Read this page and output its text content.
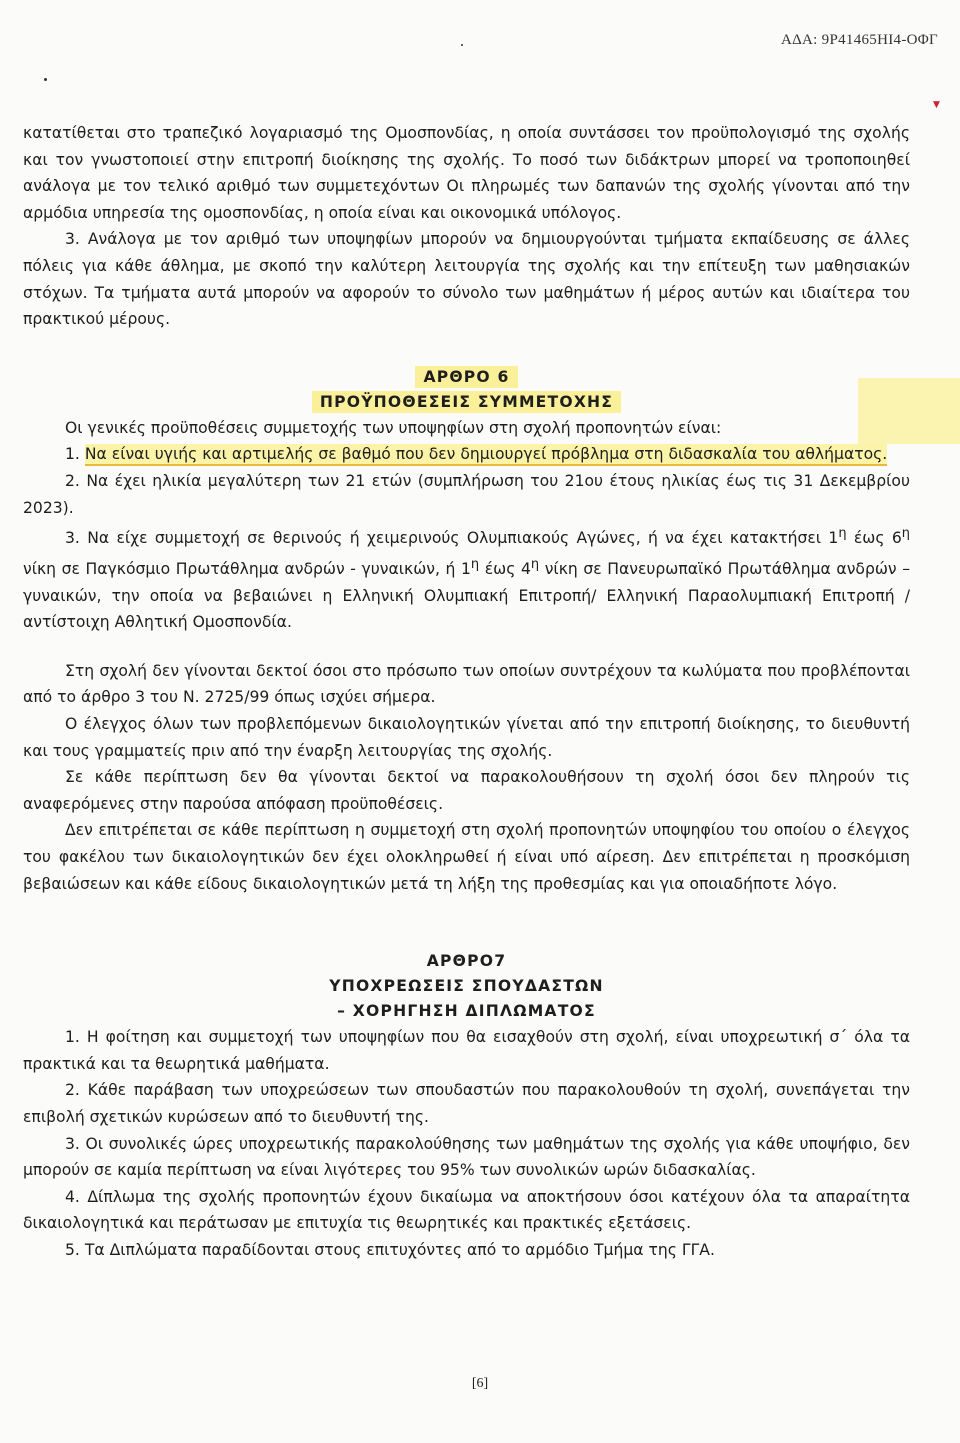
ΑΔΑ: 9Ρ41465ΗΙ4-ΟΦΓ
▼

κατατίθεται στο τραπεζικό λογαριασμό της Ομοσπονδίας, η οποία συντάσσει τον προϋπολογισμό της σχολής και τον γνωστοποιεί στην επιτροπή διοίκησης της σχολής. Το ποσό των διδάκτρων μπορεί να τροποποιηθεί ανάλογα με τον τελικό αριθμό των συμμετεχόντων Οι πληρωμές των δαπανών της σχολής γίνονται από την αρμόδια υπηρεσία της ομοσπονδίας, η οποία είναι και οικονομικά υπόλογος.

3. Ανάλογα με τον αριθμό των υποψηφίων μπορούν να δημιουργούνται τμήματα εκπαίδευσης σε άλλες πόλεις για κάθε άθλημα, με σκοπό την καλύτερη λειτουργία της σχολής και την επίτευξη των μαθησιακών στόχων. Τα τμήματα αυτά μπορούν να αφορούν το σύνολο των μαθημάτων ή μέρος αυτών και ιδιαίτερα του πρακτικού μέρους.

ΑΡΘΡΟ 6

ΠΡΟΫΠΟΘΕΣΕΙΣ ΣΥΜΜΕΤΟΧΗΣ

Οι γενικές προϋποθέσεις συμμετοχής των υποψηφίων στη σχολή προπονητών είναι:

1. Να είναι υγιής και αρτιμελής σε βαθμό που δεν δημιουργεί πρόβλημα στη διδασκαλία του αθλήματος.

2. Να έχει ηλικία μεγαλύτερη των 21 ετών (συμπλήρωση του 21ου έτους ηλικίας έως τις 31 Δεκεμβρίου 2023).

3. Να είχε συμμετοχή σε θερινούς ή χειμερινούς Ολυμπιακούς Αγώνες, ή να έχει κατακτήσει $1^\eta$ έως $6^\eta$ νίκη σε Παγκόσμιο Πρωτάθλημα ανδρών - γυναικών, ή $1^\eta$ έως $4^\eta$ νίκη σε Πανευρωπαϊκό Πρωτάθλημα ανδρών – γυναικών, την οποία να βεβαιώνει η Ελληνική Ολυμπιακή Επιτροπή/ Ελληνική Παραολυμπιακή Επιτροπή / αντίστοιχη Αθλητική Ομοσπονδία.

Στη σχολή δεν γίνονται δεκτοί όσοι στο πρόσωπο των οποίων συντρέχουν τα κωλύματα που προβλέπονται από το άρθρο 3 του Ν. 2725/99 όπως ισχύει σήμερα.

Ο έλεγχος όλων των προβλεπόμενων δικαιολογητικών γίνεται από την επιτροπή διοίκησης, το διευθυντή και τους γραμματείς πριν από την έναρξη λειτουργίας της σχολής.

Σε κάθε περίπτωση δεν θα γίνονται δεκτοί να παρακολουθήσουν τη σχολή όσοι δεν πληρούν τις αναφερόμενες στην παρούσα απόφαση προϋποθέσεις.

Δεν επιτρέπεται σε κάθε περίπτωση η συμμετοχή στη σχολή προπονητών υποψηφίου του οποίου ο έλεγχος του φακέλου των δικαιολογητικών δεν έχει ολοκληρωθεί ή είναι υπό αίρεση. Δεν επιτρέπεται η προσκόμιση βεβαιώσεων και κάθε είδους δικαιολογητικών μετά τη λήξη της προθεσμίας και για οποιαδήποτε λόγο.

ΑΡΘΡΟ7

ΥΠΟΧΡΕΩΣΕΙΣ ΣΠΟΥΔΑΣΤΩΝ

– ΧΟΡΗΓΗΣΗ ΔΙΠΛΩΜΑΤΟΣ

1. Η φοίτηση και συμμετοχή των υποψηφίων που θα εισαχθούν στη σχολή, είναι υποχρεωτική σ΄ όλα τα πρακτικά και τα θεωρητικά μαθήματα.

2. Κάθε παράβαση των υποχρεώσεων των σπουδαστών που παρακολουθούν τη σχολή, συνεπάγεται την επιβολή σχετικών κυρώσεων από το διευθυντή της.

3. Οι συνολικές ώρες υποχρεωτικής παρακολούθησης των μαθημάτων της σχολής για κάθε υποψήφιο, δεν μπορούν σε καμία περίπτωση να είναι λιγότερες του 95% των συνολικών ωρών διδασκαλίας.

4. Δίπλωμα της σχολής προπονητών έχουν δικαίωμα να αποκτήσουν όσοι κατέχουν όλα τα απαραίτητα δικαιολογητικά και περάτωσαν με επιτυχία τις θεωρητικές και πρακτικές εξετάσεις.

5. Τα Διπλώματα παραδίδονται στους επιτυχόντες από το αρμόδιο Τμήμα της ΓΓΑ.

[6]
